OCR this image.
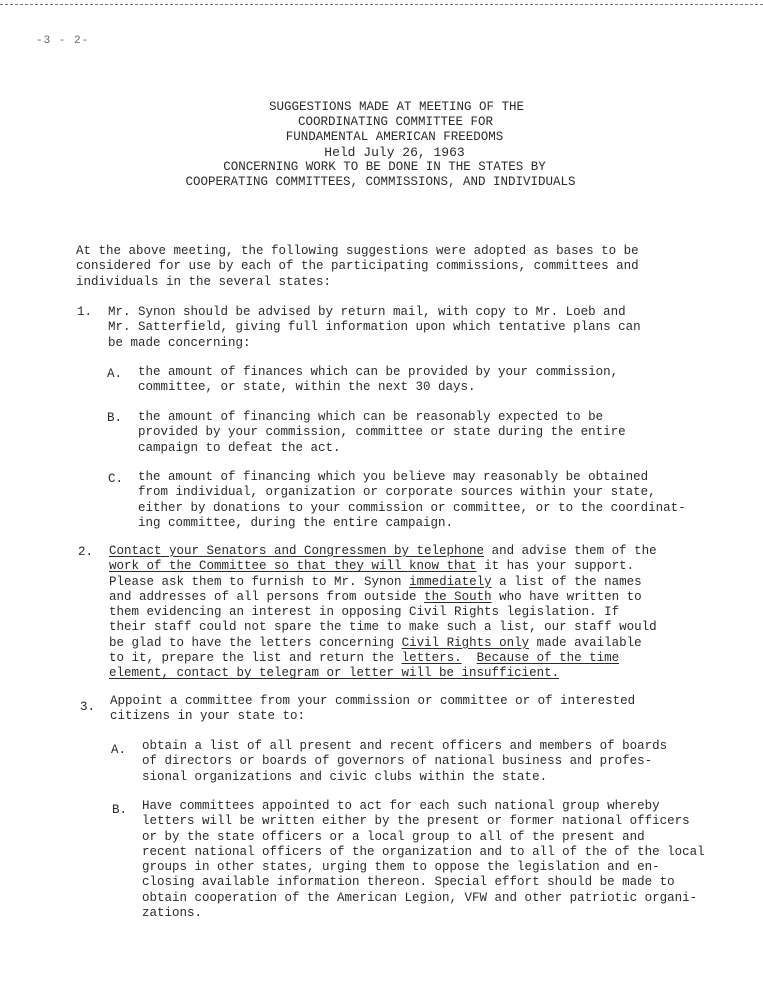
-3 - 2-
SUGGESTIONS MADE AT MEETING OF THE
COORDINATING COMMITTEE FOR
FUNDAMENTAL AMERICAN FREEDOMS
Held July 26, 1963
CONCERNING WORK TO BE DONE IN THE STATES BY
COOPERATING COMMITTEES, COMMISSIONS, AND INDIVIDUALS
At the above meeting, the following suggestions were adopted as bases to be
considered for use by each of the participating commissions, committees and
individuals in the several states:
1. Mr. Synon should be advised by return mail, with copy to Mr. Loeb and
Mr. Satterfield, giving full information upon which tentative plans can
be made concerning:
A. the amount of finances which can be provided by your commission,
committee, or state, within the next 30 days.
B. the amount of financing which can be reasonably expected to be
provided by your commission, committee or state during the entire
campaign to defeat the act.
C. the amount of financing which you believe may reasonably be obtained
from individual, organization or corporate sources within your state,
either by donations to your commission or committee, or to the coordinat-
ing committee, during the entire campaign.
2. Contact your Senators and Congressmen by telephone and advise them of the
work of the Committee so that they will know that it has your support.
Please ask them to furnish to Mr. Synon immediately a list of the names
and addresses of all persons from outside the South who have written to
them evidencing an interest in opposing Civil Rights legislation. If
their staff could not spare the time to make such a list, our staff would
be glad to have the letters concerning Civil Rights only made available
to it, prepare the list and return the letters. Because of the time
element, contact by telegram or letter will be insufficient.
3. Appoint a committee from your commission or committee or of interested
citizens in your state to:
A. obtain a list of all present and recent officers and members of boards
of directors or boards of governors of national business and profes-
sional organizations and civic clubs within the state.
B. Have committees appointed to act for each such national group whereby
letters will be written either by the present or former national officers
or by the state officers or a local group to all of the present and
recent national officers of the organization and to all of the of the local
groups in other states, urging them to oppose the legislation and en-
closing available information thereon. Special effort should be made to
obtain cooperation of the American Legion, VFW and other patriotic organi-
zations.
